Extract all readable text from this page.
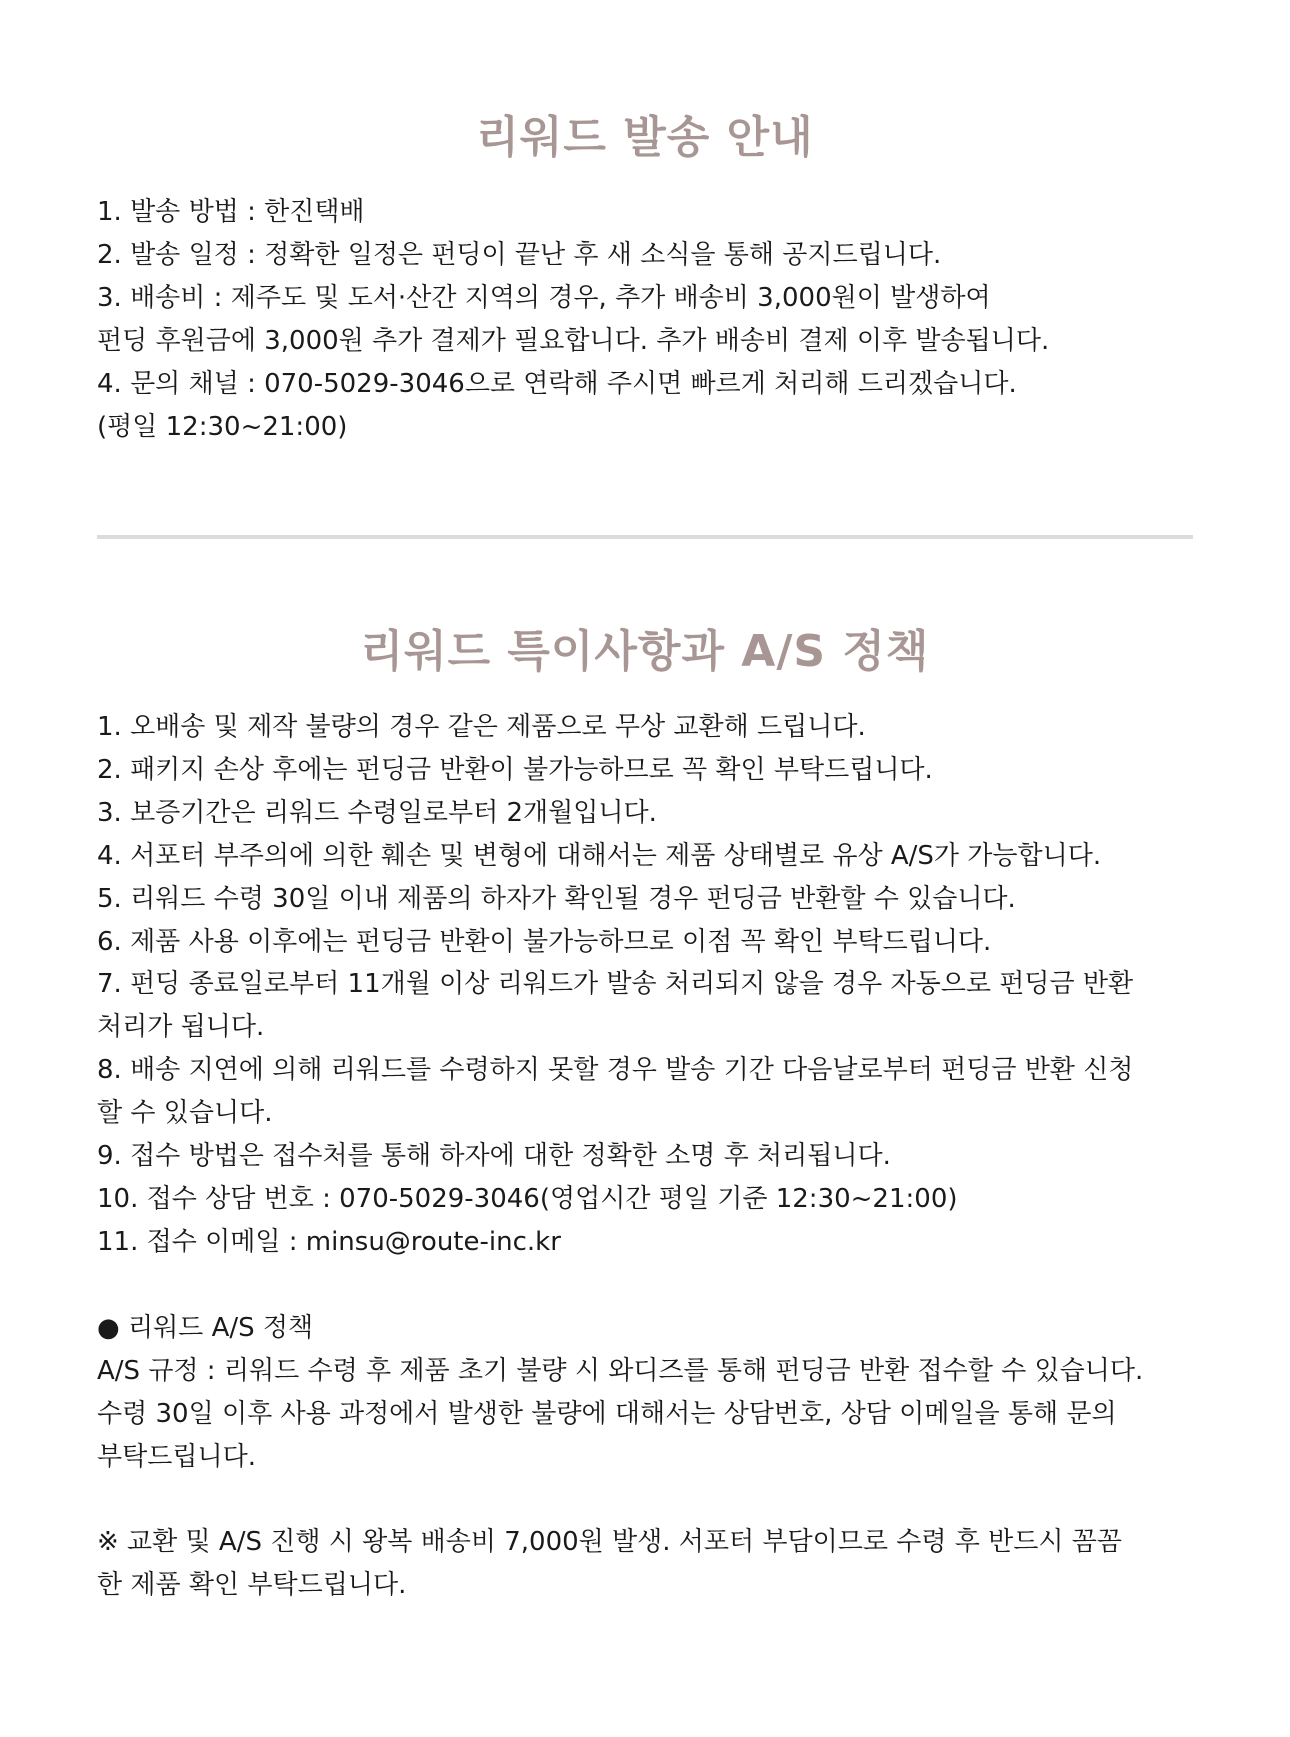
리워드 발송 안내
1. 발송 방법 : 한진택배
2. 발송 일정 : 정확한 일정은 펀딩이 끝난 후 새 소식을 통해 공지드립니다.
3. 배송비 : 제주도 및 도서·산간 지역의 경우, 추가 배송비 3,000원이 발생하여
펀딩 후원금에 3,000원 추가 결제가 필요합니다. 추가 배송비 결제 이후 발송됩니다.
4. 문의 채널 : 070-5029-3046으로 연락해 주시면 빠르게 처리해 드리겠습니다.
(평일 12:30~21:00)
리워드 특이사항과 A/S 정책
1. 오배송 및 제작 불량의 경우 같은 제품으로 무상 교환해 드립니다.
2. 패키지 손상 후에는 펀딩금 반환이 불가능하므로 꼭 확인 부탁드립니다.
3. 보증기간은 리워드 수령일로부터 2개월입니다.
4. 서포터 부주의에 의한 훼손 및 변형에 대해서는 제품 상태별로 유상 A/S가 가능합니다.
5. 리워드 수령 30일 이내 제품의 하자가 확인될 경우 펀딩금 반환할 수 있습니다.
6. 제품 사용 이후에는 펀딩금 반환이 불가능하므로 이점 꼭 확인 부탁드립니다.
7. 펀딩 종료일로부터 11개월 이상 리워드가 발송 처리되지 않을 경우 자동으로 펀딩금 반환
처리가 됩니다.
8. 배송 지연에 의해 리워드를 수령하지 못할 경우 발송 기간 다음날로부터 펀딩금 반환 신청
할 수 있습니다.
9. 접수 방법은 접수처를 통해 하자에 대한 정확한 소명 후 처리됩니다.
10. 접수 상담 번호 : 070-5029-3046(영업시간 평일 기준 12:30~21:00)
11. 접수 이메일 : minsu@route-inc.kr
● 리워드 A/S 정책
A/S 규정 : 리워드 수령 후 제품 초기 불량 시 와디즈를 통해 펀딩금 반환 접수할 수 있습니다.
수령 30일 이후 사용 과정에서 발생한 불량에 대해서는 상담번호, 상담 이메일을 통해 문의
부탁드립니다.
※ 교환 및 A/S 진행 시 왕복 배송비 7,000원 발생. 서포터 부담이므로 수령 후 반드시 꼼꼼
한 제품 확인 부탁드립니다.
